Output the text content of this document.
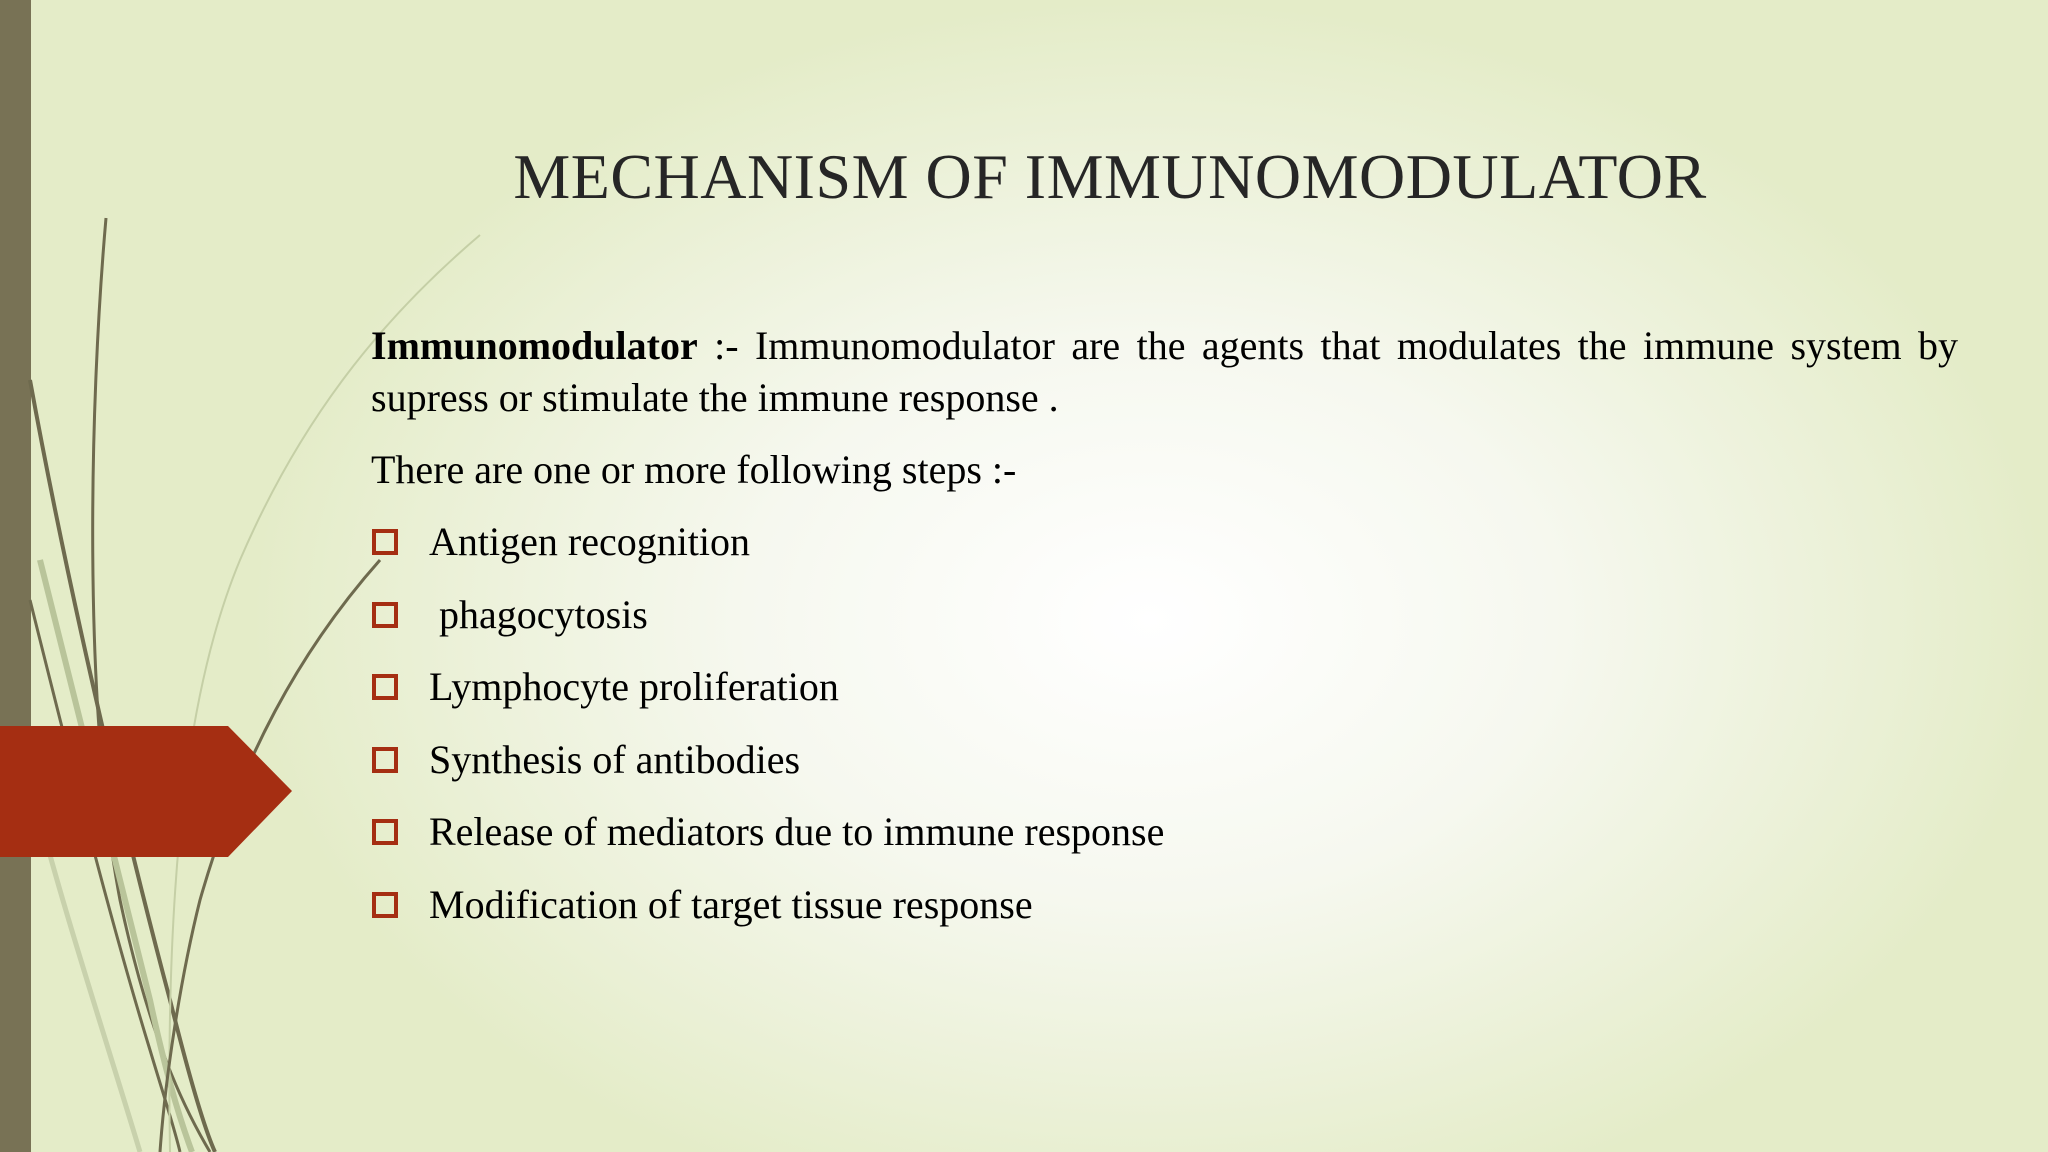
MECHANISM OF IMMUNOMODULATOR

Immunomodulator :- Immunomodulator are the agents that modulates the immune system by supress or stimulate the immune response .

There are one or more following steps :-

Antigen recognition
phagocytosis
Lymphocyte proliferation
Synthesis of antibodies
Release of mediators due to immune response
Modification of target tissue response
